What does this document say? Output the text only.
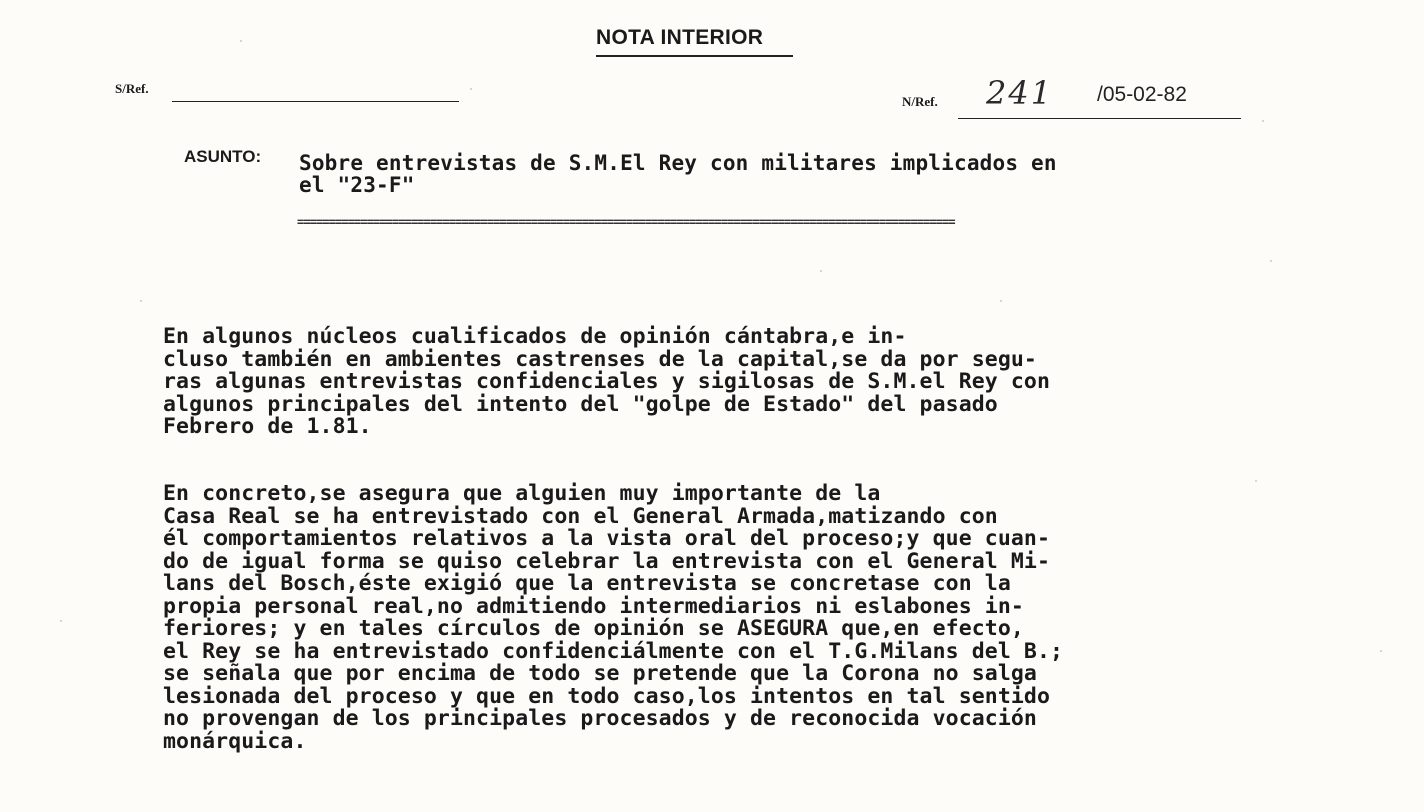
NOTA INTERIOR
S/Ref.
N/Ref. 241 /05-02-82
ASUNTO: Sobre entrevistas de S.M.El Rey con militares implicados en
el "23-F"
========================================================================================================
En algunos núcleos cualificados de opinión cántabra,e in-
cluso también en ambientes castrenses de la capital,se da por segu-
ras algunas entrevistas confidenciales y sigilosas de S.M.el Rey con
algunos principales del intento del "golpe de Estado" del pasado
Febrero de 1.81.
En concreto,se asegura que alguien muy importante de la
Casa Real se ha entrevistado con el General Armada,matizando con
él comportamientos relativos a la vista oral del proceso;y que cuan-
do de igual forma se quiso celebrar la entrevista con el General Mi-
lans del Bosch,éste exigió que la entrevista se concretase con la
propia personal real,no admitiendo intermediarios ni eslabones in-
feriores; y en tales círculos de opinión se ASEGURA que,en efecto,
el Rey se ha entrevistado confidenciálmente con el T.G.Milans del B.;
se señala que por encima de todo se pretende que la Corona no salga
lesionada del proceso y que en todo caso,los intentos en tal sentido
no provengan de los principales procesados y de reconocida vocación
monárquica.
